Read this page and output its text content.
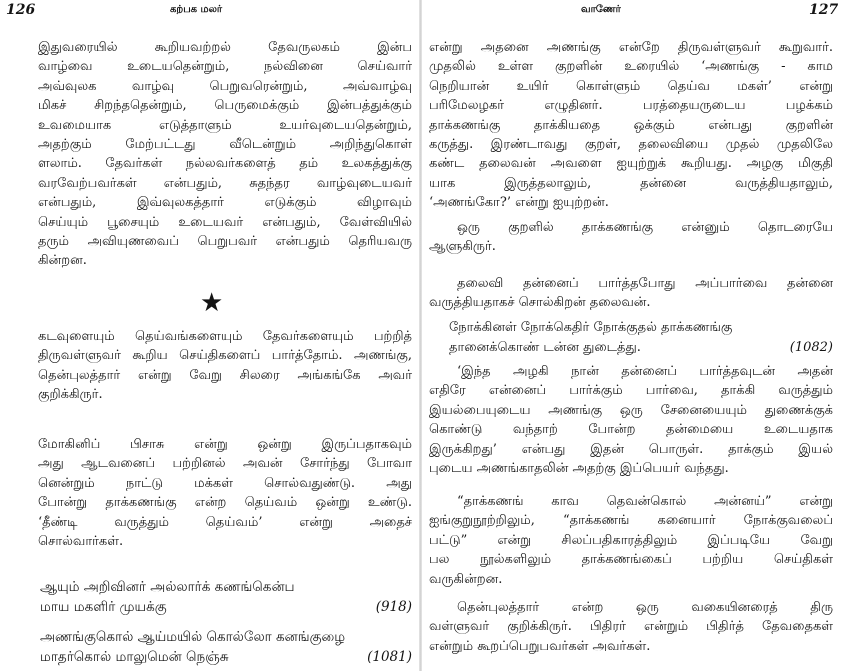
126	கற்பக மலர்
இதுவரையில் கூறியவற்றல் தேவருலகம் இன்ப
வாழ்வை உடையதென்றும், நல்வினை செய்வார்
அவ்வுலக வாழ்வு பெறுவரென்றும், அவ்வாழ்வு
மிகச் சிறந்ததென்றும், பெருமைக்கும் இன்பத்துக்கும்
உவமையாக எடுத்தாளும் உயர்வுடையதென்றும்,
அதற்கும் மேற்பட்டது வீடென்றும் அறிந்துகொள்
ளலாம். தேவர்கள் நல்லவர்களைத் தம் உலகத்துக்கு
வரவேற்பவர்கள் என்பதும், சுதந்தர வாழ்வுடையவர்
என்பதும், இவ்வுலகத்தார் எடுக்கும் விழாவும்
செய்யும் பூசையும் உடையவர் என்பதும், வேள்வியில்
தரும் அவியுணவைப் பெறுபவர் என்பதும் தெரியவரு
கின்றன.
★
கடவுளையும் தெய்வங்களையும் தேவர்களையும் பற்றித்
திருவள்ளுவர் கூறிய செய்திகளைப் பார்த்தோம். அணங்கு,
தென்புலத்தார் என்று வேறு சிலரை அங்கங்கே அவர்
குறிக்கிருர்.
மோகினிப் பிசாசு என்று ஒன்று இருப்பதாகவும்
அது ஆடவனைப் பற்றினல் அவன் சோர்ந்து போவா
னென்றும் நாட்டு மக்கள் சொல்வதுண்டு. அது
போன்று தாக்கணங்கு என்ற தெய்வம் ஒன்று உண்டு.
‘தீண்டி வருத்தும் தெய்வம்’ என்று அதைச்
சொல்வார்கள்.
ஆயும் அறிவினர் அல்லார்க் கணங்கென்ப
மாய மகளிர் முயக்கு	(918)
அணங்குகொல் ஆய்மயில் கொல்லோ கனங்குழை
மாதர்கொல் மாலுமென் நெஞ்சு	(1081)
வாணேர்	127
என்று அதனை அணங்கு என்றே திருவள்ளுவர் கூறுவார்.
முதலில் உள்ள குறளின் உரையில் ‘அணங்கு - காம
நெறியான் உயிர் கொள்ளும் தெய்வ மகள்’ என்று
பரிமேலழகர் எழுதினர். பரத்தையருடைய பழக்கம்
தாக்கணங்கு தாக்கியதை ஒக்கும் என்பது குறளின்
கருத்து. இரண்டாவது குறள், தலைவியை முதல் முதலிலே
கண்ட தலைவன் அவளை ஐயுற்றுக் கூறியது. அழகு மிகுதி
யாக இருத்தலாலும், தன்னை வருத்தியதாலும்,
‘அணங்கோ?’ என்று ஐயுற்றன்.
ஒரு குறளில் தாக்கணங்கு என்னும் தொடரையே
ஆளுகிருர்.
தலைவி தன்னைப் பார்த்தபோது அப்பார்வை தன்னை
வருத்தியதாகச் சொல்கிறன் தலைவன்.
நோக்கினள் நோக்கெதிர் நோக்குதல் தாக்கணங்கு
தானைக்கொண் டன்ன துடைத்து.	(1082)
‘இந்த அழகி நான் தன்னைப் பார்த்தவுடன் அதன்
எதிரே என்னைப் பார்க்கும் பார்வை, தாக்கி வருத்தும்
இயல்பையுடைய அணங்கு ஒரு சேனையையும் துணைக்குக்
கொண்டு வந்தாற் போன்ற தன்மையை உடையதாக
இருக்கிறது’ என்பது இதன் பொருள். தாக்கும் இயல்
புடைய அணங்காதலின் அதற்கு இப்பெயர் வந்தது.
“தாக்கணங் காவ தெவன்கொல் அன்னய்” என்று
ஐங்குறுநூற்றிலும், “தாக்கணங் கனையார் நோக்குவலைப்
பட்டு” என்று சிலப்பதிகாரத்திலும் இப்படியே வேறு
பல நூல்களிலும் தாக்கணங்கைப் பற்றிய செய்திகள்
வருகின்றன.
தென்புலத்தார் என்ற ஒரு வகையினரைத் திரு
வள்ளுவர் குறிக்கிருர். பிதிரர் என்றும் பிதிர்த் தேவதைகள்
என்றும் கூறப்பெறுபவர்கள் அவர்கள்.
